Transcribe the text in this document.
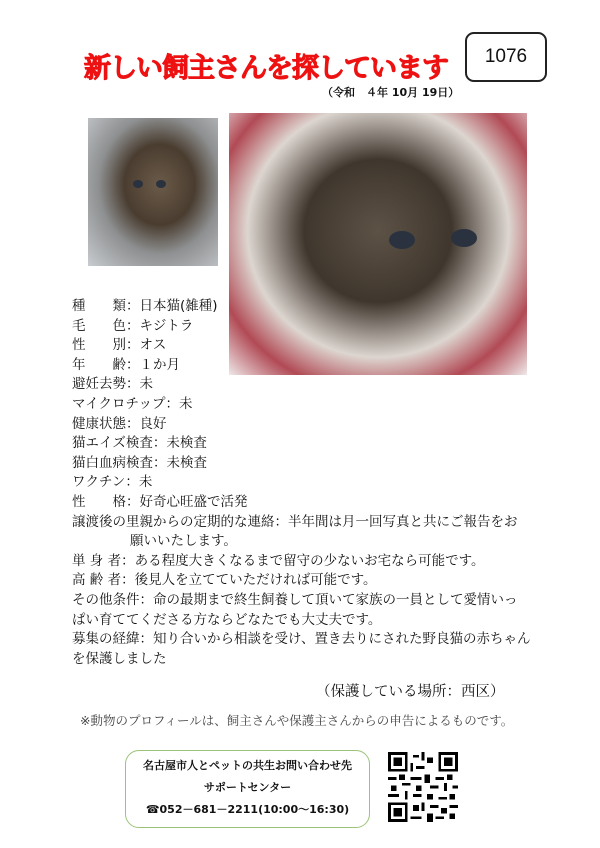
新しい飼主さんを探しています	1076
（令和　４年 10月 19日）
種　　類：日本猫(雑種)
毛　　色：キジトラ
性　　別：オス
年　　齢：１か月
避妊去勢：未
マイクロチップ：未
健康状態：良好
猫エイズ検査：未検査
猫白血病検査：未検査
ワクチン：未
性　　格：好奇心旺盛で活発
譲渡後の里親からの定期的な連絡：半年間は月一回写真と共にご報告をお
願いいたします。
単 身 者：ある程度大きくなるまで留守の少ないお宅なら可能です。
高 齢 者：後見人を立てていただければ可能です。
その他条件：命の最期まで終生飼養して頂いて家族の一員として愛情いっ
ぱい育ててくださる方ならどなたでも大丈夫です。
募集の経緯：知り合いから相談を受け、置き去りにされた野良猫の赤ちゃん
を保護しました
（保護している場所：西区）
※動物のプロフィールは、飼主さんや保護主さんからの申告によるものです。
名古屋市人とペットの共生お問い合わせ先
サポートセンター
☎052－681－2211(10:00～16:30)
